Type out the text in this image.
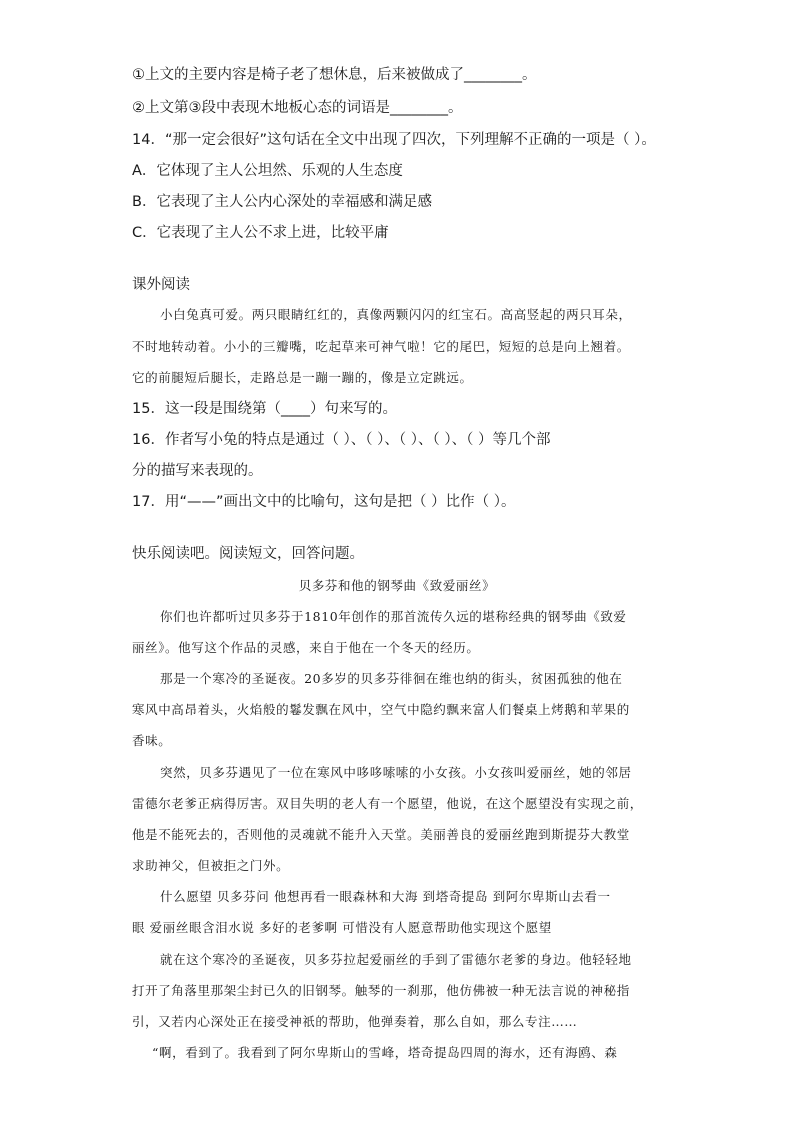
①上文的主要内容是椅子老了想休息，后来被做成了________。
②上文第③段中表现木地板心态的词语是________。
14．“那一定会很好”这句话在全文中出现了四次，下列理解不正确的一项是（ ）。
A．它体现了主人公坦然、乐观的人生态度
B．它表现了主人公内心深处的幸福感和满足感
C．它表现了主人公不求上进，比较平庸
课外阅读
小白兔真可爱。两只眼睛红红的，真像两颗闪闪的红宝石。高高竖起的两只耳朵，
不时地转动着。小小的三瓣嘴，吃起草来可神气啦！它的尾巴，短短的总是向上翘着。
它的前腿短后腿长，走路总是一蹦一蹦的，像是立定跳远。
15．这一段是围绕第（____）句来写的。
16．作者写小兔的特点是通过（ ）、（ ）、（ ）、（ ）、（ ）等几个部
分的描写来表现的。
17．用“——”画出文中的比喻句，这句是把（ ）比作（ ）。
快乐阅读吧。阅读短文，回答问题。
贝多芬和他的钢琴曲《致爱丽丝》
你们也许都听过贝多芬于1810年创作的那首流传久远的堪称经典的钢琴曲《致爱
丽丝》。他写这个作品的灵感，来自于他在一个冬天的经历。
那是一个寒冷的圣诞夜。20多岁的贝多芬徘徊在维也纳的街头，贫困孤独的他在
寒风中高昂着头，火焰般的鬈发飘在风中，空气中隐约飘来富人们餐桌上烤鹅和苹果的
香味。
突然，贝多芬遇见了一位在寒风中哆哆嗦嗦的小女孩。小女孩叫爱丽丝，她的邻居
雷德尔老爹正病得厉害。双目失明的老人有一个愿望，他说，在这个愿望没有实现之前，
他是不能死去的，否则他的灵魂就不能升入天堂。美丽善良的爱丽丝跑到斯提芬大教堂
求助神父，但被拒之门外。
什么愿望 贝多芬问 他想再看一眼森林和大海 到塔奇提岛 到阿尔卑斯山去看一
眼 爱丽丝眼含泪水说 多好的老爹啊 可惜没有人愿意帮助他实现这个愿望
就在这个寒冷的圣诞夜，贝多芬拉起爱丽丝的手到了雷德尔老爹的身边。他轻轻地
打开了角落里那架尘封已久的旧钢琴。触琴的一刹那，他仿佛被一种无法言说的神秘指
引，又若内心深处正在接受神祇的帮助，他弹奏着，那么自如，那么专注……
“啊，看到了。我看到了阿尔卑斯山的雪峰，塔奇提岛四周的海水，还有海鸥、森
